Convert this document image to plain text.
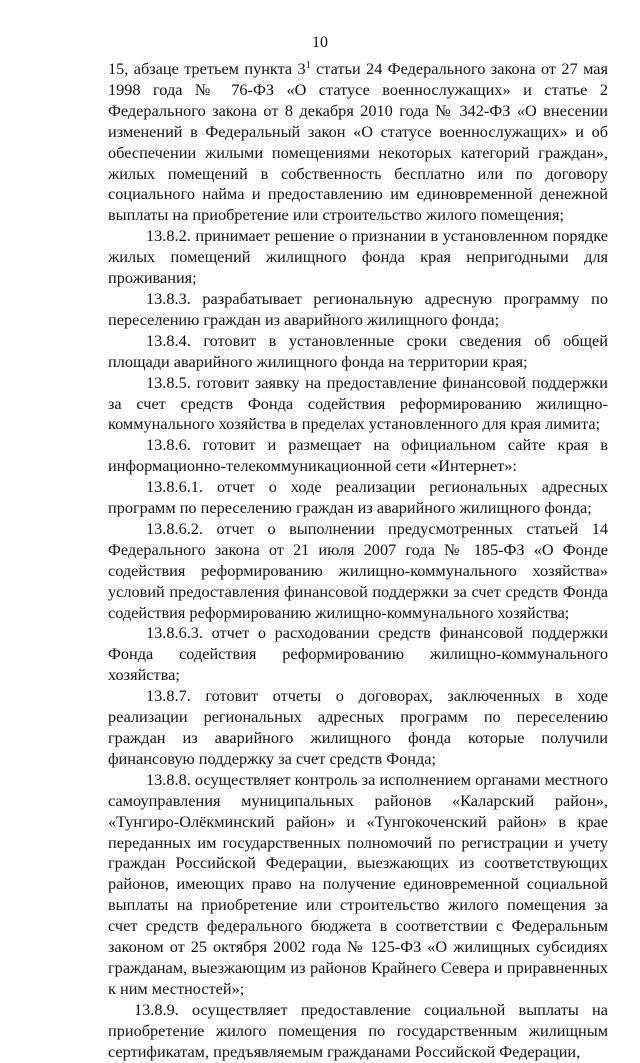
10

15, абзаце третьем пункта $3^1$ статьи 24 Федерального закона от 27 мая 1998 года № 76-ФЗ «О статусе военнослужащих» и статье 2 Федерального закона от 8 декабря 2010 года № 342-ФЗ «О внесении изменений в Федеральный закон «О статусе военнослужащих» и об обеспечении жилыми помещениями некоторых категорий граждан», жилых помещений в собственность бесплатно или по договору социального найма и предоставлению им единовременной денежной выплаты на приобретение или строительство жилого помещения;

13.8.2. принимает решение о признании в установленном порядке жилых помещений жилищного фонда края непригодными для проживания;

13.8.3. разрабатывает региональную адресную программу по переселению граждан из аварийного жилищного фонда;

13.8.4. готовит в установленные сроки сведения об общей площади аварийного жилищного фонда на территории края;

13.8.5. готовит заявку на предоставление финансовой поддержки за счет средств Фонда содействия реформированию жилищно-коммунального хозяйства в пределах установленного для края лимита;

13.8.6. готовит и размещает на официальном сайте края в информационно-телекоммуникационной сети «Интернет»:

13.8.6.1. отчет о ходе реализации региональных адресных программ по переселению граждан из аварийного жилищного фонда;

13.8.6.2. отчет о выполнении предусмотренных статьей 14 Федерального закона от 21 июля 2007 года № 185-ФЗ «О Фонде содействия реформированию жилищно-коммунального хозяйства» условий предоставления финансовой поддержки за счет средств Фонда содействия реформированию жилищно-коммунального хозяйства;

13.8.6.3. отчет о расходовании средств финансовой поддержки Фонда содействия реформированию жилищно-коммунального хозяйства;

13.8.7. готовит отчеты о договорах, заключенных в ходе реализации региональных адресных программ по переселению граждан из аварийного жилищного фонда которые получили финансовую поддержку за счет средств Фонда;

13.8.8. осуществляет контроль за исполнением органами местного самоуправления муниципальных районов «Каларский район», «Тунгиро-Олёкминский район» и «Тунгокоченский район» в крае переданных им государственных полномочий по регистрации и учету граждан Российской Федерации, выезжающих из соответствующих районов, имеющих право на получение единовременной социальной выплаты на приобретение или строительство жилого помещения за счет средств федерального бюджета в соответствии с Федеральным законом от 25 октября 2002 года № 125-ФЗ «О жилищных субсидиях гражданам, выезжающим из районов Крайнего Севера и приравненных к ним местностей»;

13.8.9. осуществляет предоставление социальной выплаты на приобретение жилого помещения по государственным жилищным сертификатам, предъявляемым гражданами Российской Федерации,
